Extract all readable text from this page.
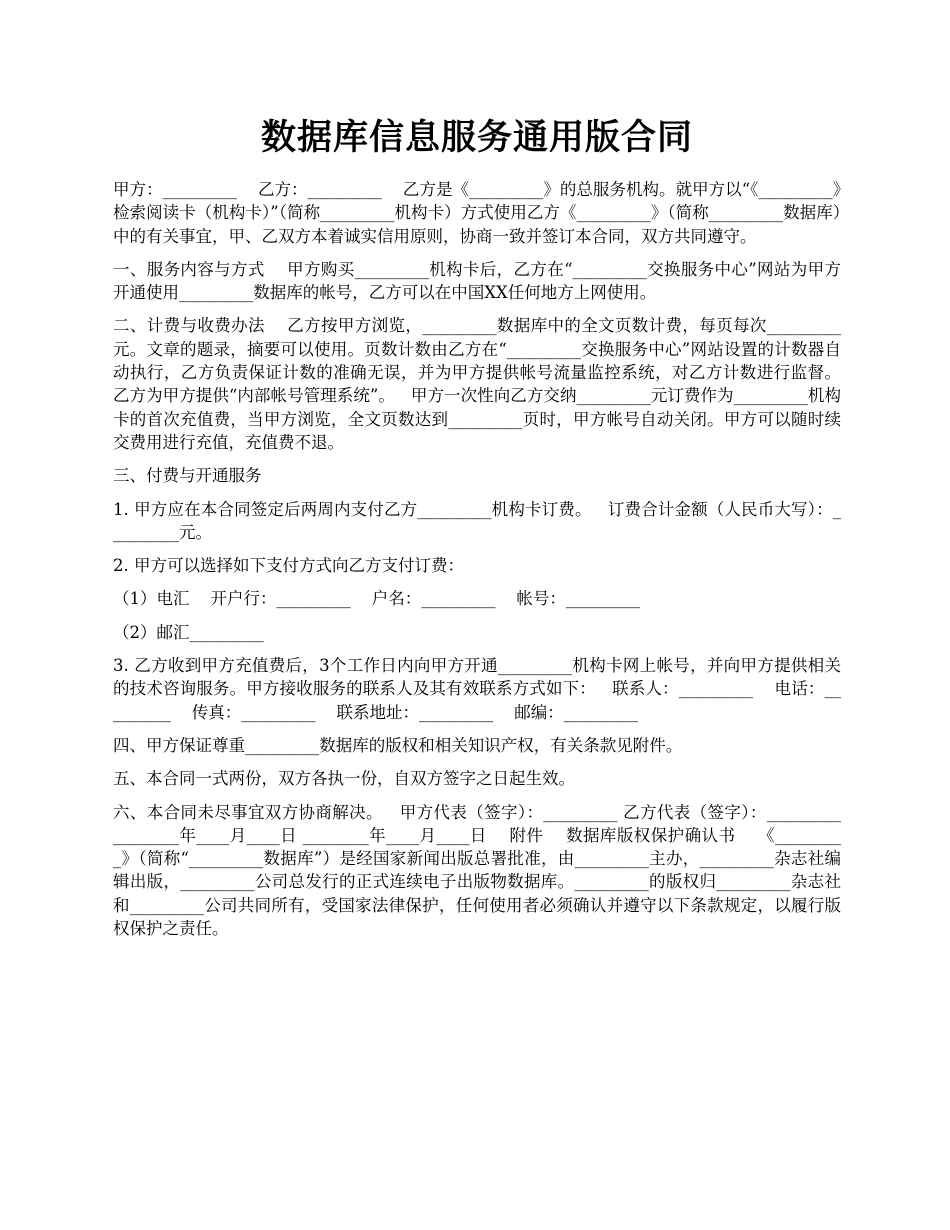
数据库信息服务通用版合同

甲方：_________    乙方：_________    乙方是《_________》的总服务机构。就甲方以“《_________》检索阅读卡（机构卡）”（简称_________机构卡）方式使用乙方《_________》（简称_________数据库）中的有关事宜，甲、乙双方本着诚实信用原则，协商一致并签订本合同，双方共同遵守。

一、服务内容与方式    甲方购买_________机构卡后，乙方在“_________交换服务中心”网站为甲方开通使用_________数据库的帐号，乙方可以在中国XX任何地方上网使用。

二、计费与收费办法    乙方按甲方浏览，_________数据库中的全文页数计费，每页每次_________元。文章的题录，摘要可以使用。页数计数由乙方在“_________交换服务中心”网站设置的计数器自动执行，乙方负责保证计数的准确无误，并为甲方提供帐号流量监控系统，对乙方计数进行监督。   乙方为甲方提供“内部帐号管理系统”。   甲方一次性向乙方交纳_________元订费作为_________机构卡的首次充值费，当甲方浏览，全文页数达到_________页时，甲方帐号自动关闭。甲方可以随时续交费用进行充值，充值费不退。

三、付费与开通服务

1. 甲方应在本合同签定后两周内支付乙方_________机构卡订费。   订费合计金额（人民币大写）：_________元。

2. 甲方可以选择如下支付方式向乙方支付订费：

（1）电汇    开户行：_________    户名：_________    帐号：_________

（2）邮汇_________

3. 乙方收到甲方充值费后，3个工作日内向甲方开通_________机构卡网上帐号，并向甲方提供相关的技术咨询服务。甲方接收服务的联系人及其有效联系方式如下：   联系人：_________    电话：_________    传真：_________    联系地址：_________    邮编：_________

四、甲方保证尊重_________数据库的版权和相关知识产权，有关条款见附件。

五、本合同一式两份，双方各执一份，自双方签字之日起生效。

六、本合同未尽事宜双方协商解决。   甲方代表（签字）：_________ 乙方代表（签字）：_________    ________年____月____日 ________年____月____日    附件    数据库版权保护确认书    《_________》（简称“_________数据库”）是经国家新闻出版总署批准，由_________主办，_________杂志社编辑出版，_________公司总发行的正式连续电子出版物数据库。_________的版权归_________杂志社和_________公司共同所有，受国家法律保护，任何使用者必须确认并遵守以下条款规定，以履行版权保护之责任。
